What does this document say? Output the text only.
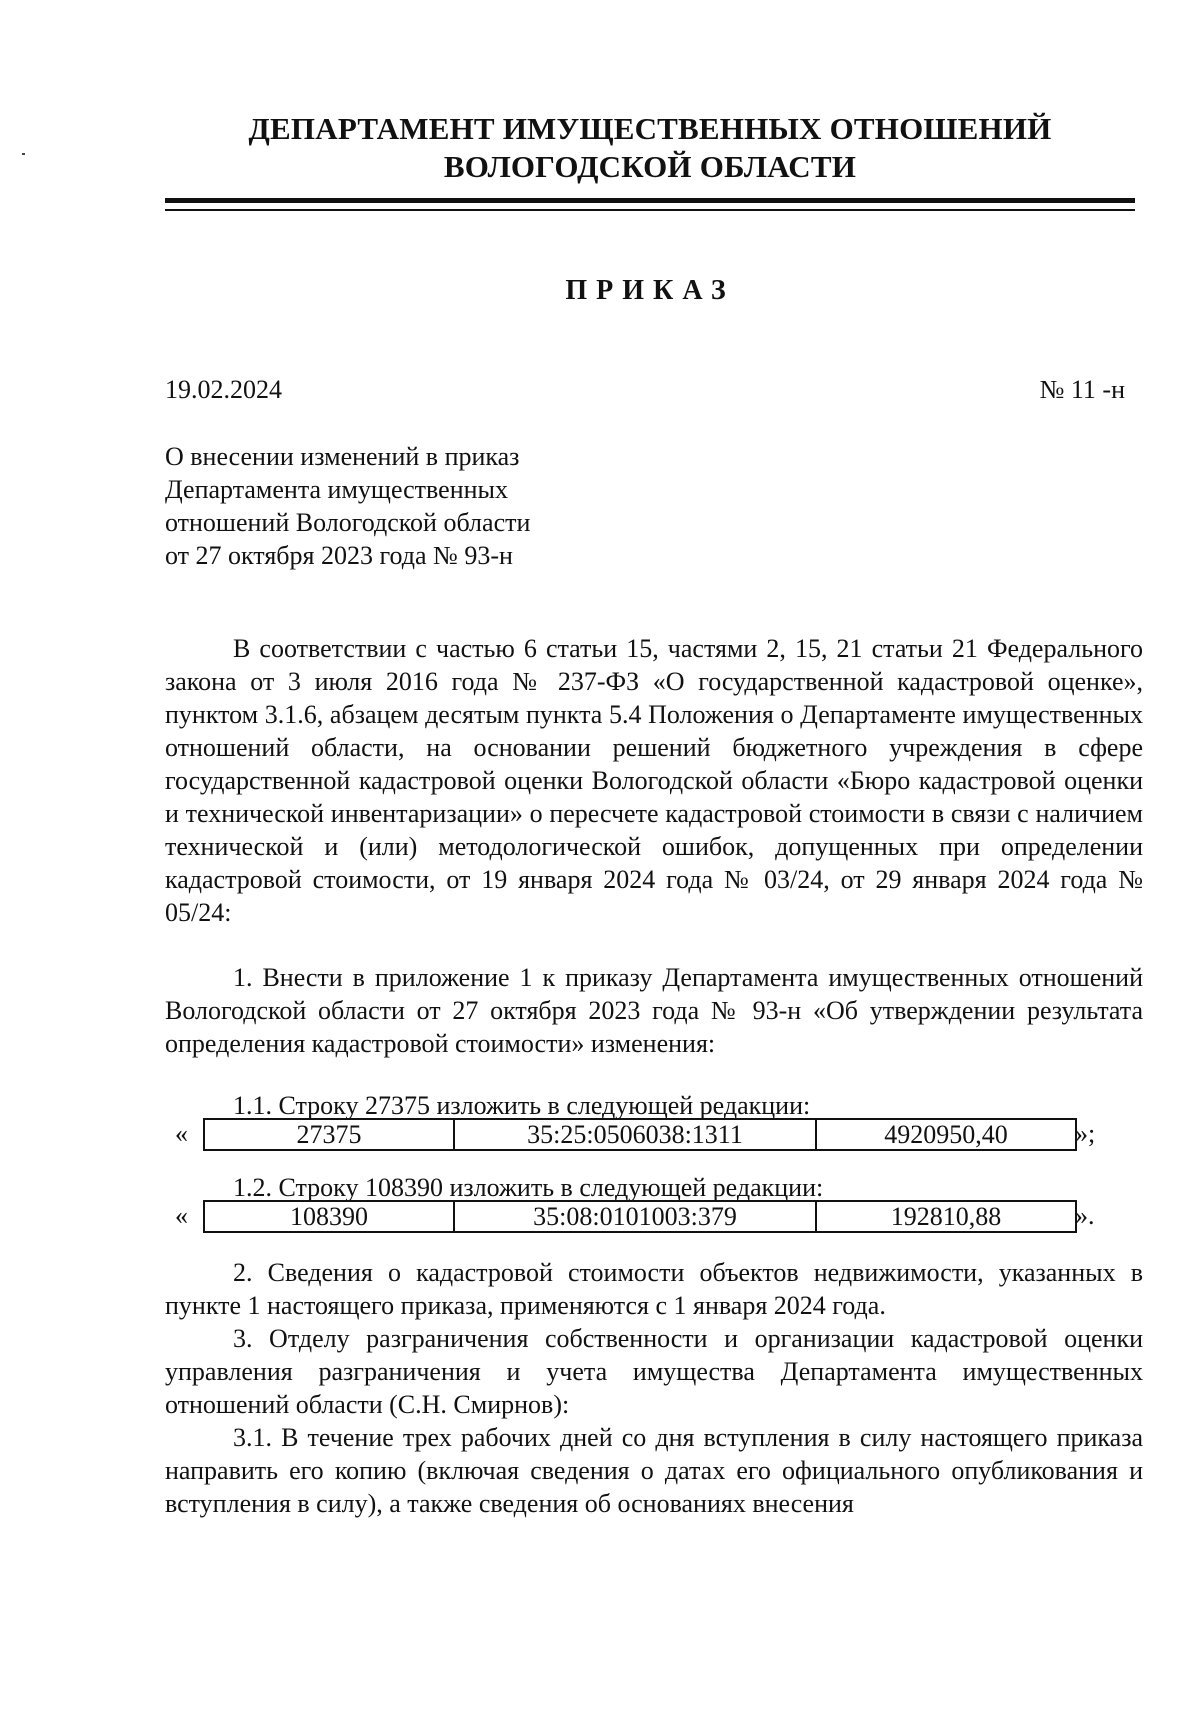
ДЕПАРТАМЕНТ ИМУЩЕСТВЕННЫХ ОТНОШЕНИЙ
ВОЛОГОДСКОЙ ОБЛАСТИ
ПРИКАЗ
19.02.2024	№ 11 -н
О внесении изменений в приказ
Департамента имущественных
отношений Вологодской области
от 27 октября 2023 года № 93-н

В соответствии с частью 6 статьи 15, частями 2, 15, 21 статьи 21 Федерального закона от 3 июля 2016 года № 237-ФЗ «О государственной кадастровой оценке», пунктом 3.1.6, абзацем десятым пункта 5.4 Положения о Департаменте имущественных отношений области, на основании решений бюджетного учреждения в сфере государственной кадастровой оценки Вологодской области «Бюро кадастровой оценки и технической инвентаризации» о пересчете кадастровой стоимости в связи с наличием технической и (или) методологической ошибок, допущенных при определении кадастровой стоимости, от 19 января 2024 года № 03/24, от 29 января 2024 года № 05/24:

1. Внести в приложение 1 к приказу Департамента имущественных отношений Вологодской области от 27 октября 2023 года № 93-н «Об утверждении результата определения кадастровой стоимости» изменения:

1.1. Строку 27375 изложить в следующей редакции:

«	27375	35:25:0506038:1311	4920950,40	»;

1.2. Строку 108390 изложить в следующей редакции:

«	108390	35:08:0101003:379	192810,88	».

2. Сведения о кадастровой стоимости объектов недвижимости, указанных в пункте 1 настоящего приказа, применяются с 1 января 2024 года.

3. Отделу разграничения собственности и организации кадастровой оценки управления разграничения и учета имущества Департамента имущественных отношений области (С.Н. Смирнов):

3.1. В течение трех рабочих дней со дня вступления в силу настоящего приказа направить его копию (включая сведения о датах его официального опубликования и вступления в силу), а также сведения об основаниях внесения
